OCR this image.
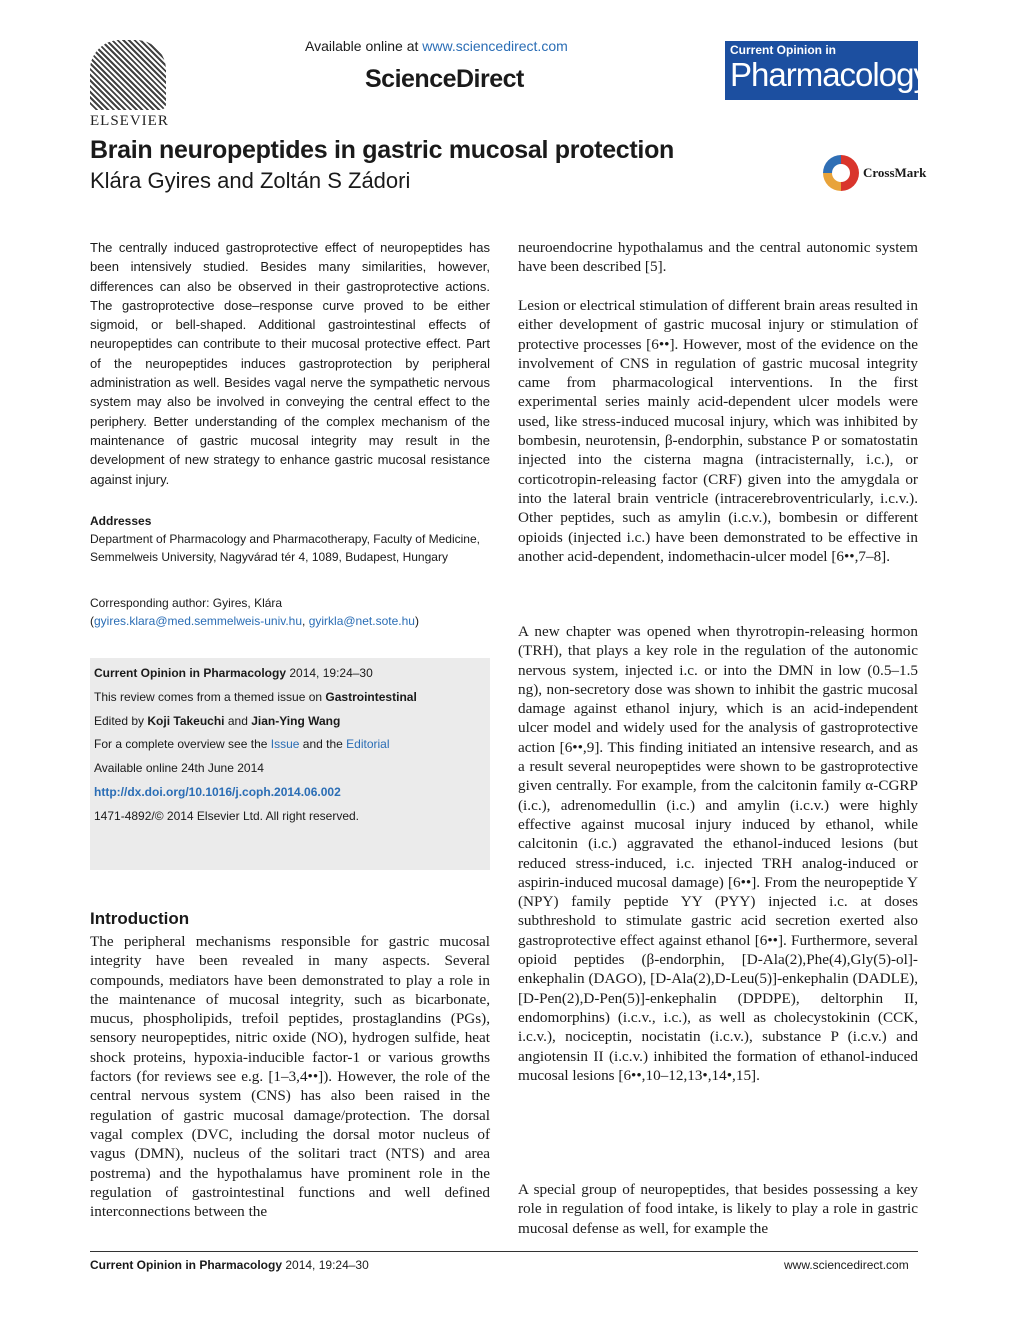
ELSEVIER
Available online at www.sciencedirect.com
ScienceDirect
Current Opinion in
Pharmacology
Brain neuropeptides in gastric mucosal protection
Klára Gyires and Zoltán S Zádori	CrossMark
The centrally induced gastroprotective effect of neuropeptides has been intensively studied. Besides many similarities, however, differences can also be observed in their gastroprotective actions. The gastroprotective dose–response curve proved to be either sigmoid, or bell-shaped. Additional gastrointestinal effects of neuropeptides can contribute to their mucosal protective effect. Part of the neuropeptides induces gastroprotection by peripheral administration as well. Besides vagal nerve the sympathetic nervous system may also be involved in conveying the central effect to the periphery. Better understanding of the complex mechanism of the maintenance of gastric mucosal integrity may result in the development of new strategy to enhance gastric mucosal resistance against injury.
Addresses
Department of Pharmacology and Pharmacotherapy, Faculty of Medicine, Semmelweis University, Nagyvárad tér 4, 1089, Budapest, Hungary
Corresponding author: Gyires, Klára
(gyires.klara@med.semmelweis-univ.hu, gyirkla@net.sote.hu)
Current Opinion in Pharmacology 2014, 19:24–30
This review comes from a themed issue on Gastrointestinal
Edited by Koji Takeuchi and Jian-Ying Wang
For a complete overview see the Issue and the Editorial
Available online 24th June 2014
http://dx.doi.org/10.1016/j.coph.2014.06.002
1471-4892/© 2014 Elsevier Ltd. All right reserved.
Introduction
The peripheral mechanisms responsible for gastric mucosal integrity have been revealed in many aspects. Several compounds, mediators have been demonstrated to play a role in the maintenance of mucosal integrity, such as bicarbonate, mucus, phospholipids, trefoil peptides, prostaglandins (PGs), sensory neuropeptides, nitric oxide (NO), hydrogen sulfide, heat shock proteins, hypoxia-inducible factor-1 or various growths factors (for reviews see e.g. [1–3,4••]). However, the role of the central nervous system (CNS) has also been raised in the regulation of gastric mucosal damage/protection. The dorsal vagal complex (DVC, including the dorsal motor nucleus of vagus (DMN), nucleus of the solitari tract (NTS) and area postrema) and the hypothalamus have prominent role in the regulation of gastrointestinal functions and well defined interconnections between the
neuroendocrine hypothalamus and the central autonomic system have been described [5].
Lesion or electrical stimulation of different brain areas resulted in either development of gastric mucosal injury or stimulation of protective processes [6••]. However, most of the evidence on the involvement of CNS in regulation of gastric mucosal integrity came from pharmacological interventions. In the first experimental series mainly acid-dependent ulcer models were used, like stress-induced mucosal injury, which was inhibited by bombesin, neurotensin, β-endorphin, substance P or somatostatin injected into the cisterna magna (intracisternally, i.c.), or corticotropin-releasing factor (CRF) given into the amygdala or into the lateral brain ventricle (intracerebroventricularly, i.c.v.). Other peptides, such as amylin (i.c.v.), bombesin or different opioids (injected i.c.) have been demonstrated to be effective in another acid-dependent, indomethacin-ulcer model [6••,7–8].
A new chapter was opened when thyrotropin-releasing hormon (TRH), that plays a key role in the regulation of the autonomic nervous system, injected i.c. or into the DMN in low (0.5–1.5 ng), non-secretory dose was shown to inhibit the gastric mucosal damage against ethanol injury, which is an acid-independent ulcer model and widely used for the analysis of gastroprotective action [6••,9]. This finding initiated an intensive research, and as a result several neuropeptides were shown to be gastroprotective given centrally. For example, from the calcitonin family α-CGRP (i.c.), adrenomedullin (i.c.) and amylin (i.c.v.) were highly effective against mucosal injury induced by ethanol, while calcitonin (i.c.) aggravated the ethanol-induced lesions (but reduced stress-induced, i.c. injected TRH analog-induced or aspirin-induced mucosal damage) [6••]. From the neuropeptide Y (NPY) family peptide YY (PYY) injected i.c. at doses subthreshold to stimulate gastric acid secretion exerted also gastroprotective effect against ethanol [6••]. Furthermore, several opioid peptides (β-endorphin, [D-Ala(2),Phe(4),Gly(5)-ol]-enkephalin (DAGO), [D-Ala(2),D-Leu(5)]-enkephalin (DADLE), [D-Pen(2),D-Pen(5)]-enkephalin (DPDPE), deltorphin II, endomorphins) (i.c.v., i.c.), as well as cholecystokinin (CCK, i.c.v.), nociceptin, nocistatin (i.c.v.), substance P (i.c.v.) and angiotensin II (i.c.v.) inhibited the formation of ethanol-induced mucosal lesions [6••,10–12,13•,14•,15].
A special group of neuropeptides, that besides possessing a key role in regulation of food intake, is likely to play a role in gastric mucosal defense as well, for example the
Current Opinion in Pharmacology 2014, 19:24–30	www.sciencedirect.com
